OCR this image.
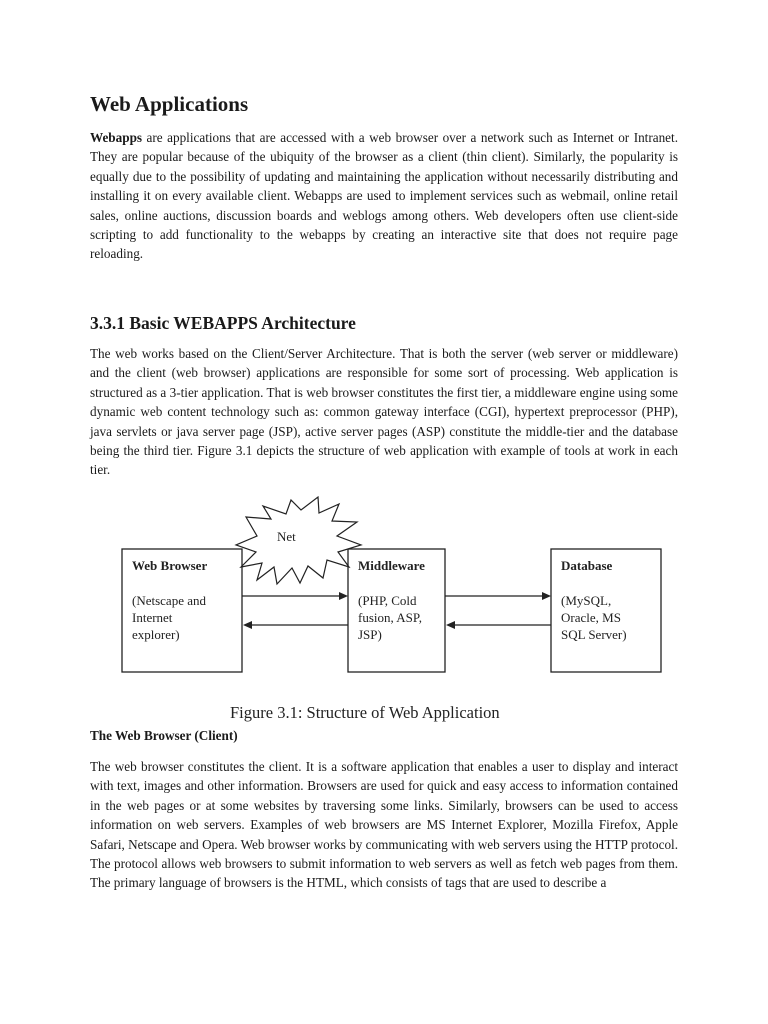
Web Applications

Webapps are applications that are accessed with a web browser over a network such as Internet or Intranet. They are popular because of the ubiquity of the browser as a client (thin client). Similarly, the popularity is equally due to the possibility of updating and maintaining the application without necessarily distributing and installing it on every available client. Webapps are used to implement services such as webmail, online retail sales, online auctions, discussion boards and weblogs among others. Web developers often use client-side scripting to add functionality to the webapps by creating an interactive site that does not require page reloading.

3.3.1 Basic WEBAPPS Architecture

The web works based on the Client/Server Architecture. That is both the server (web server or middleware) and the client (web browser) applications are responsible for some sort of processing. Web application is structured as a 3-tier application. That is web browser constitutes the first tier, a middleware engine using some dynamic web content technology such as: common gateway interface (CGI), hypertext preprocessor (PHP), java servlets or java server page (JSP), active server pages (ASP) constitute the middle-tier and the database being the third tier. Figure 3.1 depicts the structure of web application with example of tools at work in each tier.

The Web Browser (Client)

The web browser constitutes the client. It is a software application that enables a user to display and interact with text, images and other information. Browsers are used for quick and easy access to information contained in the web pages or at some websites by traversing some links. Similarly, browsers can be used to access information on web servers. Examples of web browsers are MS Internet Explorer, Mozilla Firefox, Apple Safari, Netscape and Opera. Web browser works by communicating with web servers using the HTTP protocol. The protocol allows web browsers to submit information to web servers as well as fetch web pages from them. The primary language of browsers is the HTML, which consists of tags that are used to describe a

Net
Web Browser
(Netscape and
Internet
explorer)
Middleware
(PHP, Cold
fusion, ASP,
JSP)
Database
(MySQL,
Oracle, MS
SQL Server)
Figure 3.1: Structure of Web Application
